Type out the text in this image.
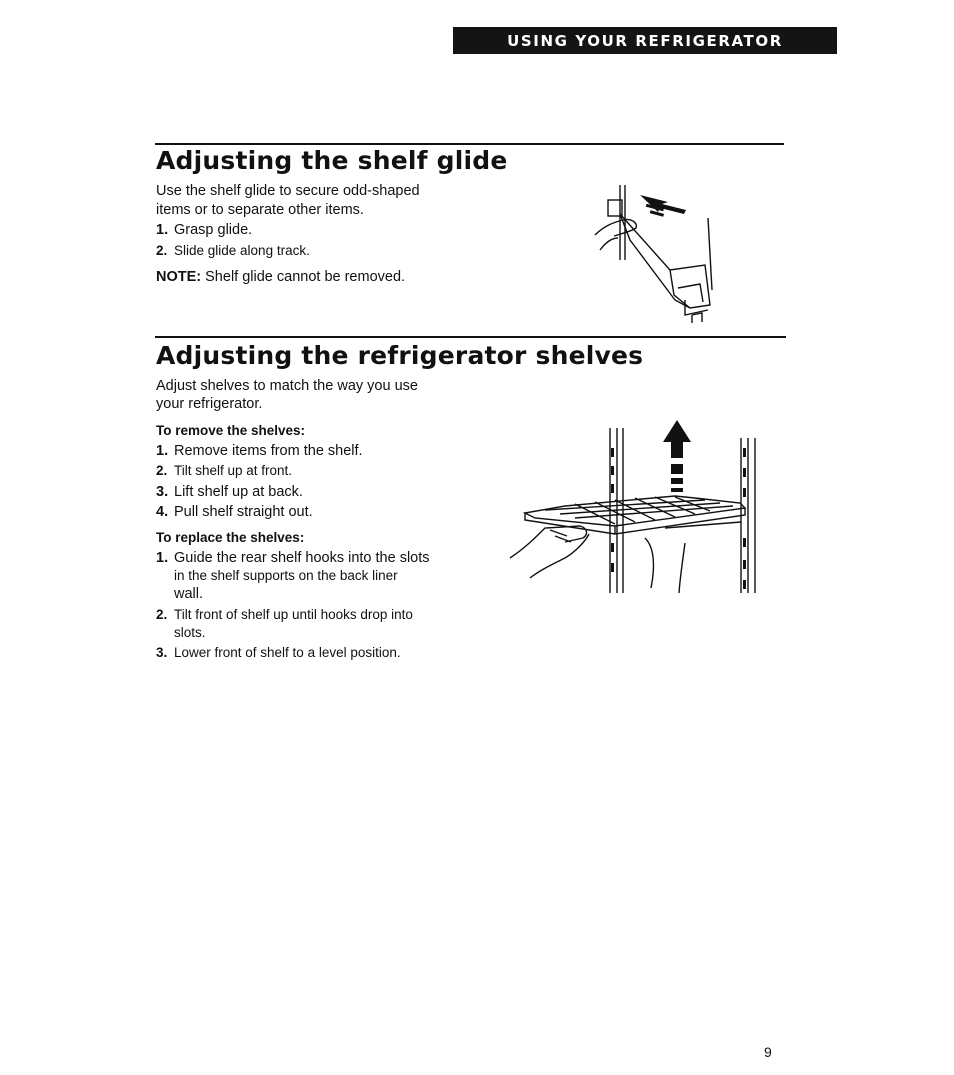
USING YOUR REFRIGERATOR
Adjusting the shelf glide
Use the shelf glide to secure odd-shaped
items or to separate other items.
1. Grasp glide.
2. Slide glide along track.
NOTE: Shelf glide cannot be removed.
Adjusting the refrigerator shelves
Adjust shelves to match the way you use
your refrigerator.
To remove the shelves:
1. Remove items from the shelf.
2. Tilt shelf up at front.
3. Lift shelf up at back.
4. Pull shelf straight out.
To replace the shelves:
1. Guide the rear shelf hooks into the slots
in the shelf supports on the back liner
wall.
2. Tilt front of shelf up until hooks drop into
slots.
3. Lower front of shelf to a level position.
9
